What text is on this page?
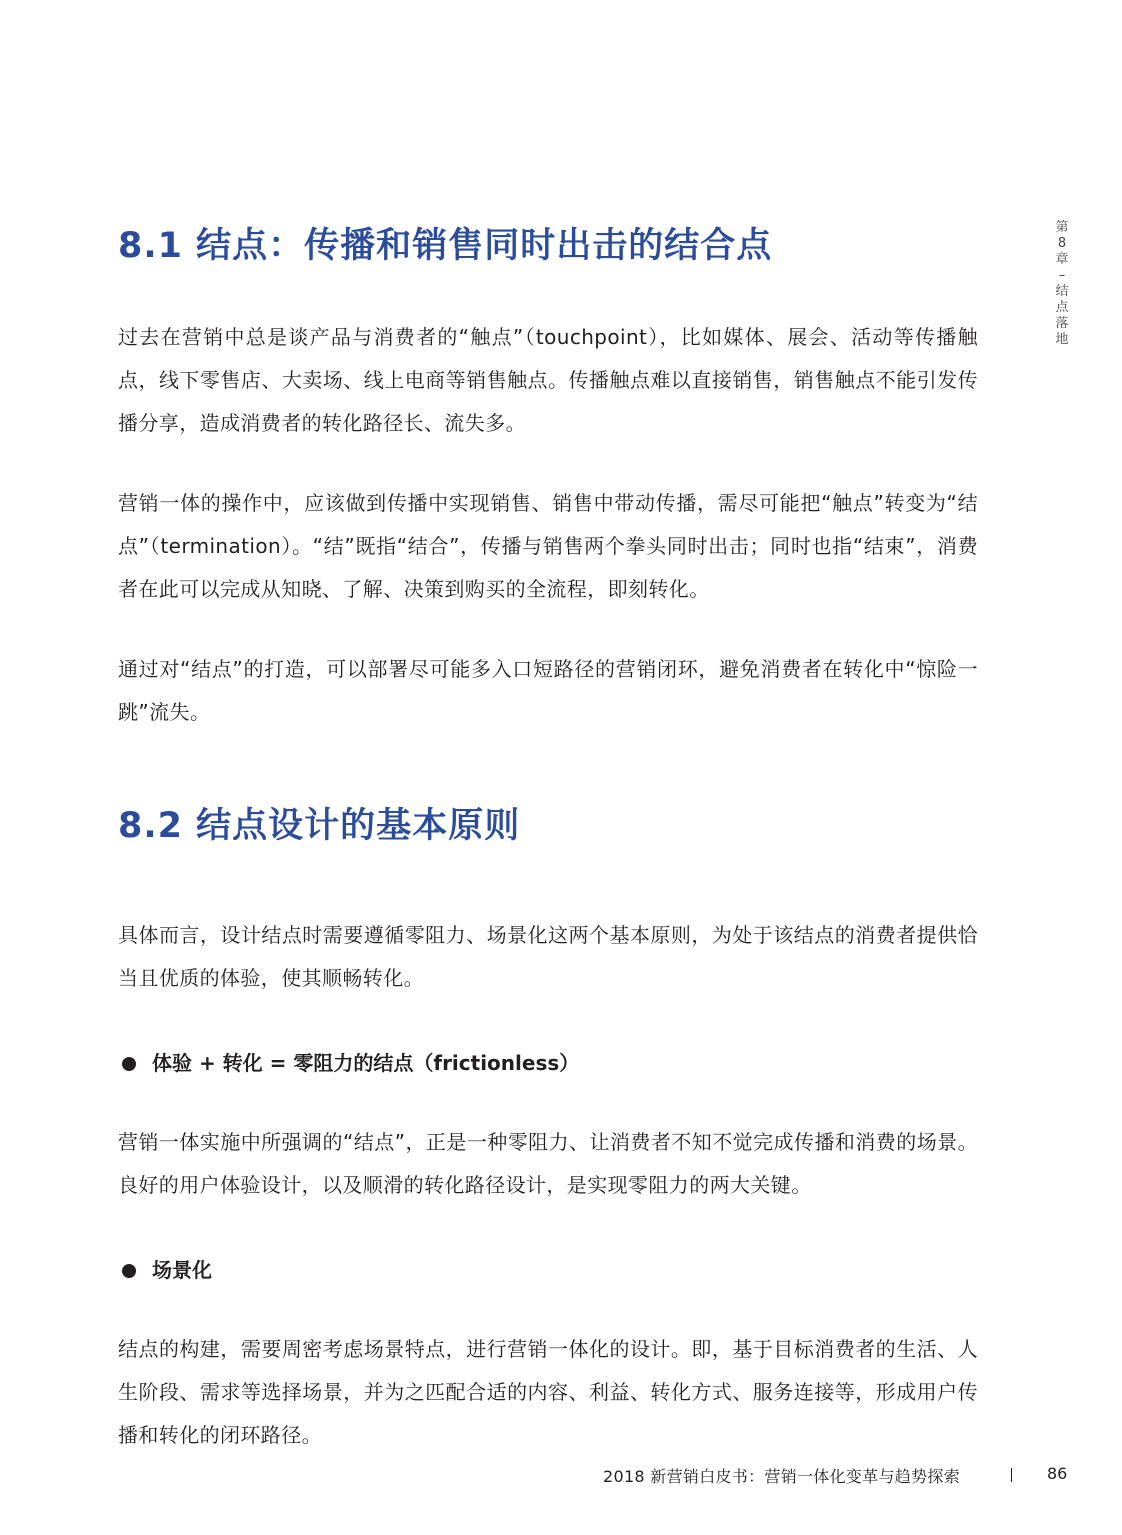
8.1 结点：传播和销售同时出击的结合点

过去在营销中总是谈产品与消费者的“触点”（touchpoint），比如媒体、展会、活动等传播触点，线下零售店、大卖场、线上电商等销售触点。传播触点难以直接销售，销售触点不能引发传播分享，造成消费者的转化路径长、流失多。

营销一体的操作中，应该做到传播中实现销售、销售中带动传播，需尽可能把“触点”转变为“结点”（termination）。“结”既指“结合”，传播与销售两个拳头同时出击；同时也指“结束”，消费者在此可以完成从知晓、了解、决策到购买的全流程，即刻转化。

通过对“结点”的打造，可以部署尽可能多入口短路径的营销闭环，避免消费者在转化中“惊险一跳”流失。

8.2 结点设计的基本原则

具体而言，设计结点时需要遵循零阻力、场景化这两个基本原则，为处于该结点的消费者提供恰当且优质的体验，使其顺畅转化。

体验 + 转化 = 零阻力的结点（frictionless）

营销一体实施中所强调的“结点”，正是一种零阻力、让消费者不知不觉完成传播和消费的场景。良好的用户体验设计，以及顺滑的转化路径设计，是实现零阻力的两大关键。

场景化

结点的构建，需要周密考虑场景特点，进行营销一体化的设计。即，基于目标消费者的生活、人生阶段、需求等选择场景，并为之匹配合适的内容、利益、转化方式、服务连接等，形成用户传播和转化的闭环路径。

第
8
章
–
结
点
落
地
2018 新营销白皮书：营销一体化变革与趋势探索	86
